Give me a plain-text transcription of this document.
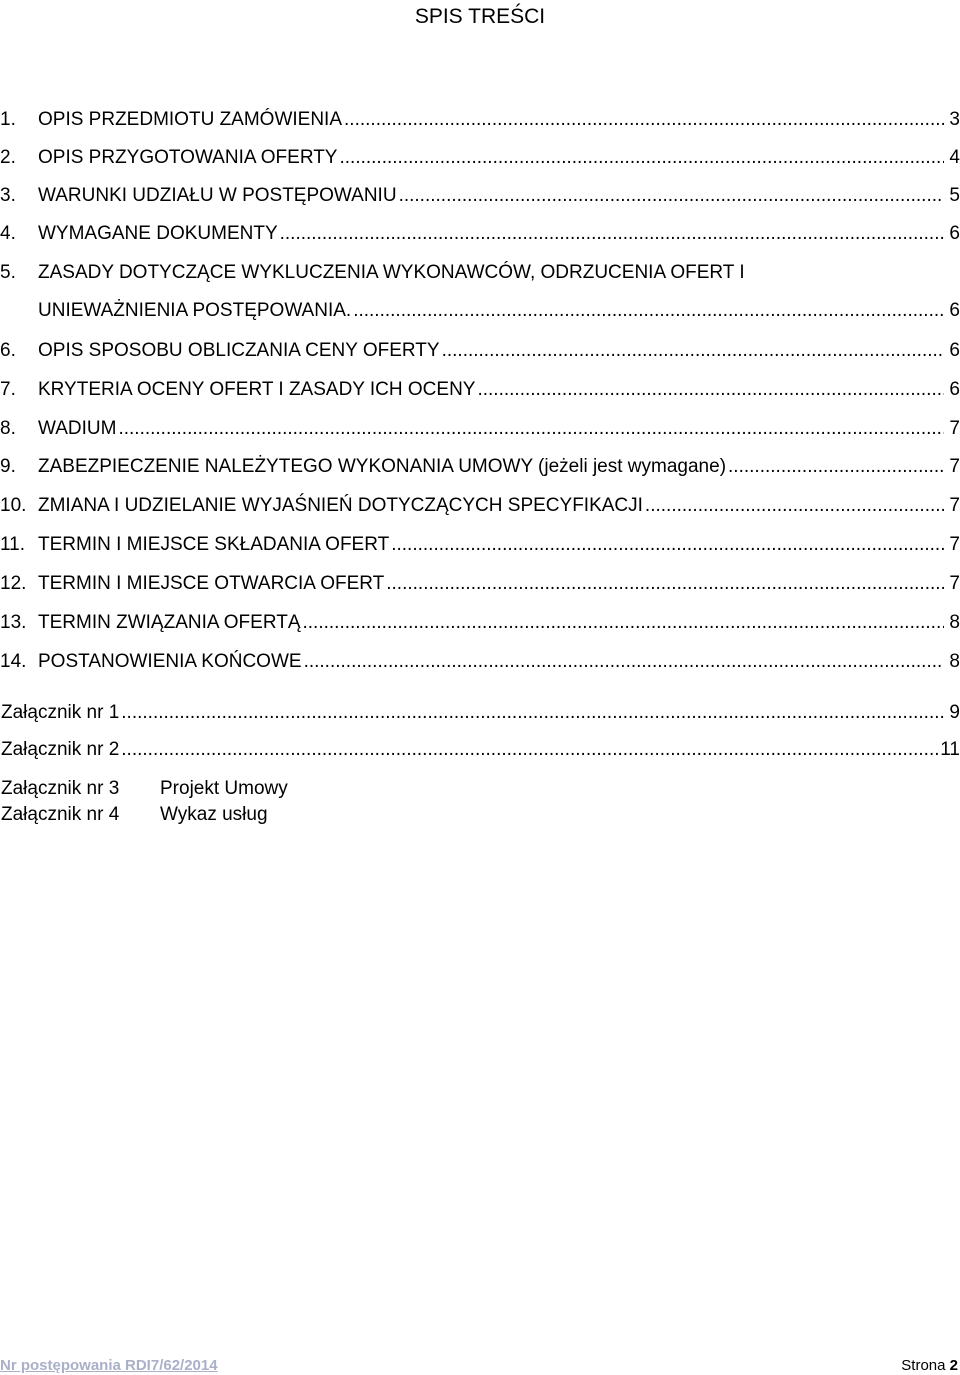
SPIS TREŚCI
1. OPIS PRZEDMIOTU ZAMÓWIENIA .....	3
2. OPIS PRZYGOTOWANIA OFERTY .....	4
3. WARUNKI UDZIAŁU W POSTĘPOWANIU .....	5
4. WYMAGANE DOKUMENTY .....	6
5. ZASADY DOTYCZĄCE WYKLUCZENIA WYKONAWCÓW, ODRZUCENIA OFERT I
UNIEWAŻNIENIA POSTĘPOWANIA. .....	6
6. OPIS SPOSOBU OBLICZANIA CENY OFERTY .....	6
7. KRYTERIA OCENY OFERT I ZASADY ICH OCENY .....	6
8. WADIUM .....	7
9. ZABEZPIECZENIE NALEŻYTEGO WYKONANIA UMOWY (jeżeli jest wymagane) .....	7
10. ZMIANA I UDZIELANIE WYJAŚNIEŃ DOTYCZĄCYCH SPECYFIKACJI .....	7
11. TERMIN I MIEJSCE SKŁADANIA OFERT .....	7
12. TERMIN I MIEJSCE OTWARCIA OFERT .....	7
13. TERMIN ZWIĄZANIA OFERTĄ .....	8
14. POSTANOWIENIA KOŃCOWE .....	8
Załącznik nr 1 .....	9
Załącznik nr 2 .....	11
Załącznik nr 3 Projekt Umowy
Załącznik nr 4 Wykaz usług
Nr postępowania RDI7/62/2014	Strona 2
